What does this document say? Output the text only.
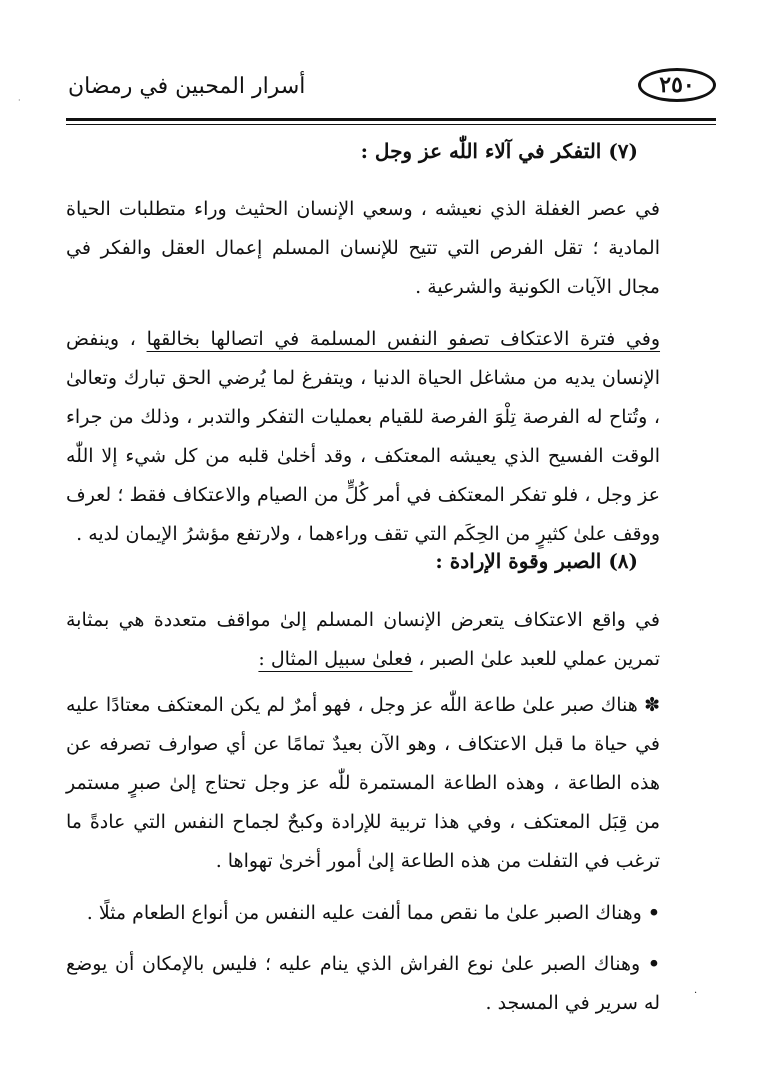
·
أسرار المحبين في رمضان	٢٥٠
(٧) التفكر في آلاء اللّٰه عز وجل :
في عصر الغفلة الذي نعيشه ، وسعي الإنسان الحثيث وراء متطلبات الحياة المادية ؛ تقل الفرص التي تتيح للإنسان المسلم إعمال العقل والفكر في مجال الآيات الكونية والشرعية .
وفي فترة الاعتكاف تصفو النفس المسلمة في اتصالها بخالقها ، وينفض الإنسان يديه من مشاغل الحياة الدنيا ، ويتفرغ لما يُرضي الحق تبارك وتعالىٰ ، وتُتاح له الفرصة تِلْوَ الفرصة للقيام بعمليات التفكر والتدبر ، وذلك من جراء الوقت الفسيح الذي يعيشه المعتكف ، وقد أخلىٰ قلبه من كل شيء إلا اللّٰه عز وجل ، فلو تفكر المعتكف في أمر كُلٍّ من الصيام والاعتكاف فقط ؛ لعرف ووقف علىٰ كثيرٍ من الحِكَم التي تقف وراءهما ، ولارتفع مؤشرُ الإيمان لديه .
(٨) الصبر وقوة الإرادة :
في واقع الاعتكاف يتعرض الإنسان المسلم إلىٰ مواقف متعددة هي بمثابة تمرين عملي للعبد علىٰ الصبر ، فعلىٰ سبيل المثال :
✽ هناك صبر علىٰ طاعة اللّٰه عز وجل ، فهو أمرٌ لم يكن المعتكف معتادًا عليه في حياة ما قبل الاعتكاف ، وهو الآن بعيدٌ تمامًا عن أي صوارف تصرفه عن هذه الطاعة ، وهذه الطاعة المستمرة للّٰه عز وجل تحتاج إلىٰ صبرٍ مستمر من قِبَل المعتكف ، وفي هذا تربية للإرادة وكبحٌ لجماح النفس التي عادةً ما ترغب في التفلت من هذه الطاعة إلىٰ أمور أخرىٰ تهواها .
• وهناك الصبر علىٰ ما نقص مما ألفت عليه النفس من أنواع الطعام مثلًا .
• وهناك الصبر علىٰ نوع الفراش الذي ينام عليه ؛ فليس بالإمكان أن يوضع له سرير في المسجد .	·
